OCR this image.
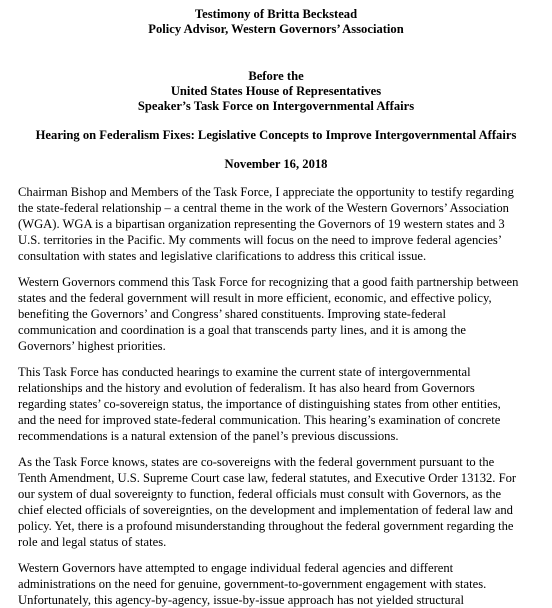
Testimony of Britta Beckstead
Policy Advisor, Western Governors’ Association
Before the
United States House of Representatives
Speaker’s Task Force on Intergovernmental Affairs
Hearing on Federalism Fixes: Legislative Concepts to Improve Intergovernmental Affairs
November 16, 2018
Chairman Bishop and Members of the Task Force, I appreciate the opportunity to testify regarding
the state-federal relationship – a central theme in the work of the Western Governors’ Association
(WGA). WGA is a bipartisan organization representing the Governors of 19 western states and 3
U.S. territories in the Pacific. My comments will focus on the need to improve federal agencies’
consultation with states and legislative clarifications to address this critical issue.
Western Governors commend this Task Force for recognizing that a good faith partnership between
states and the federal government will result in more efficient, economic, and effective policy,
benefiting the Governors’ and Congress’ shared constituents. Improving state-federal
communication and coordination is a goal that transcends party lines, and it is among the
Governors’ highest priorities.
This Task Force has conducted hearings to examine the current state of intergovernmental
relationships and the history and evolution of federalism. It has also heard from Governors
regarding states’ co-sovereign status, the importance of distinguishing states from other entities,
and the need for improved state-federal communication. This hearing’s examination of concrete
recommendations is a natural extension of the panel’s previous discussions.
As the Task Force knows, states are co-sovereigns with the federal government pursuant to the
Tenth Amendment, U.S. Supreme Court case law, federal statutes, and Executive Order 13132. For
our system of dual sovereignty to function, federal officials must consult with Governors, as the
chief elected officials of sovereignties, on the development and implementation of federal law and
policy. Yet, there is a profound misunderstanding throughout the federal government regarding the
role and legal status of states.
Western Governors have attempted to engage individual federal agencies and different
administrations on the need for genuine, government-to-government engagement with states.
Unfortunately, this agency-by-agency, issue-by-issue approach has not yielded structural
